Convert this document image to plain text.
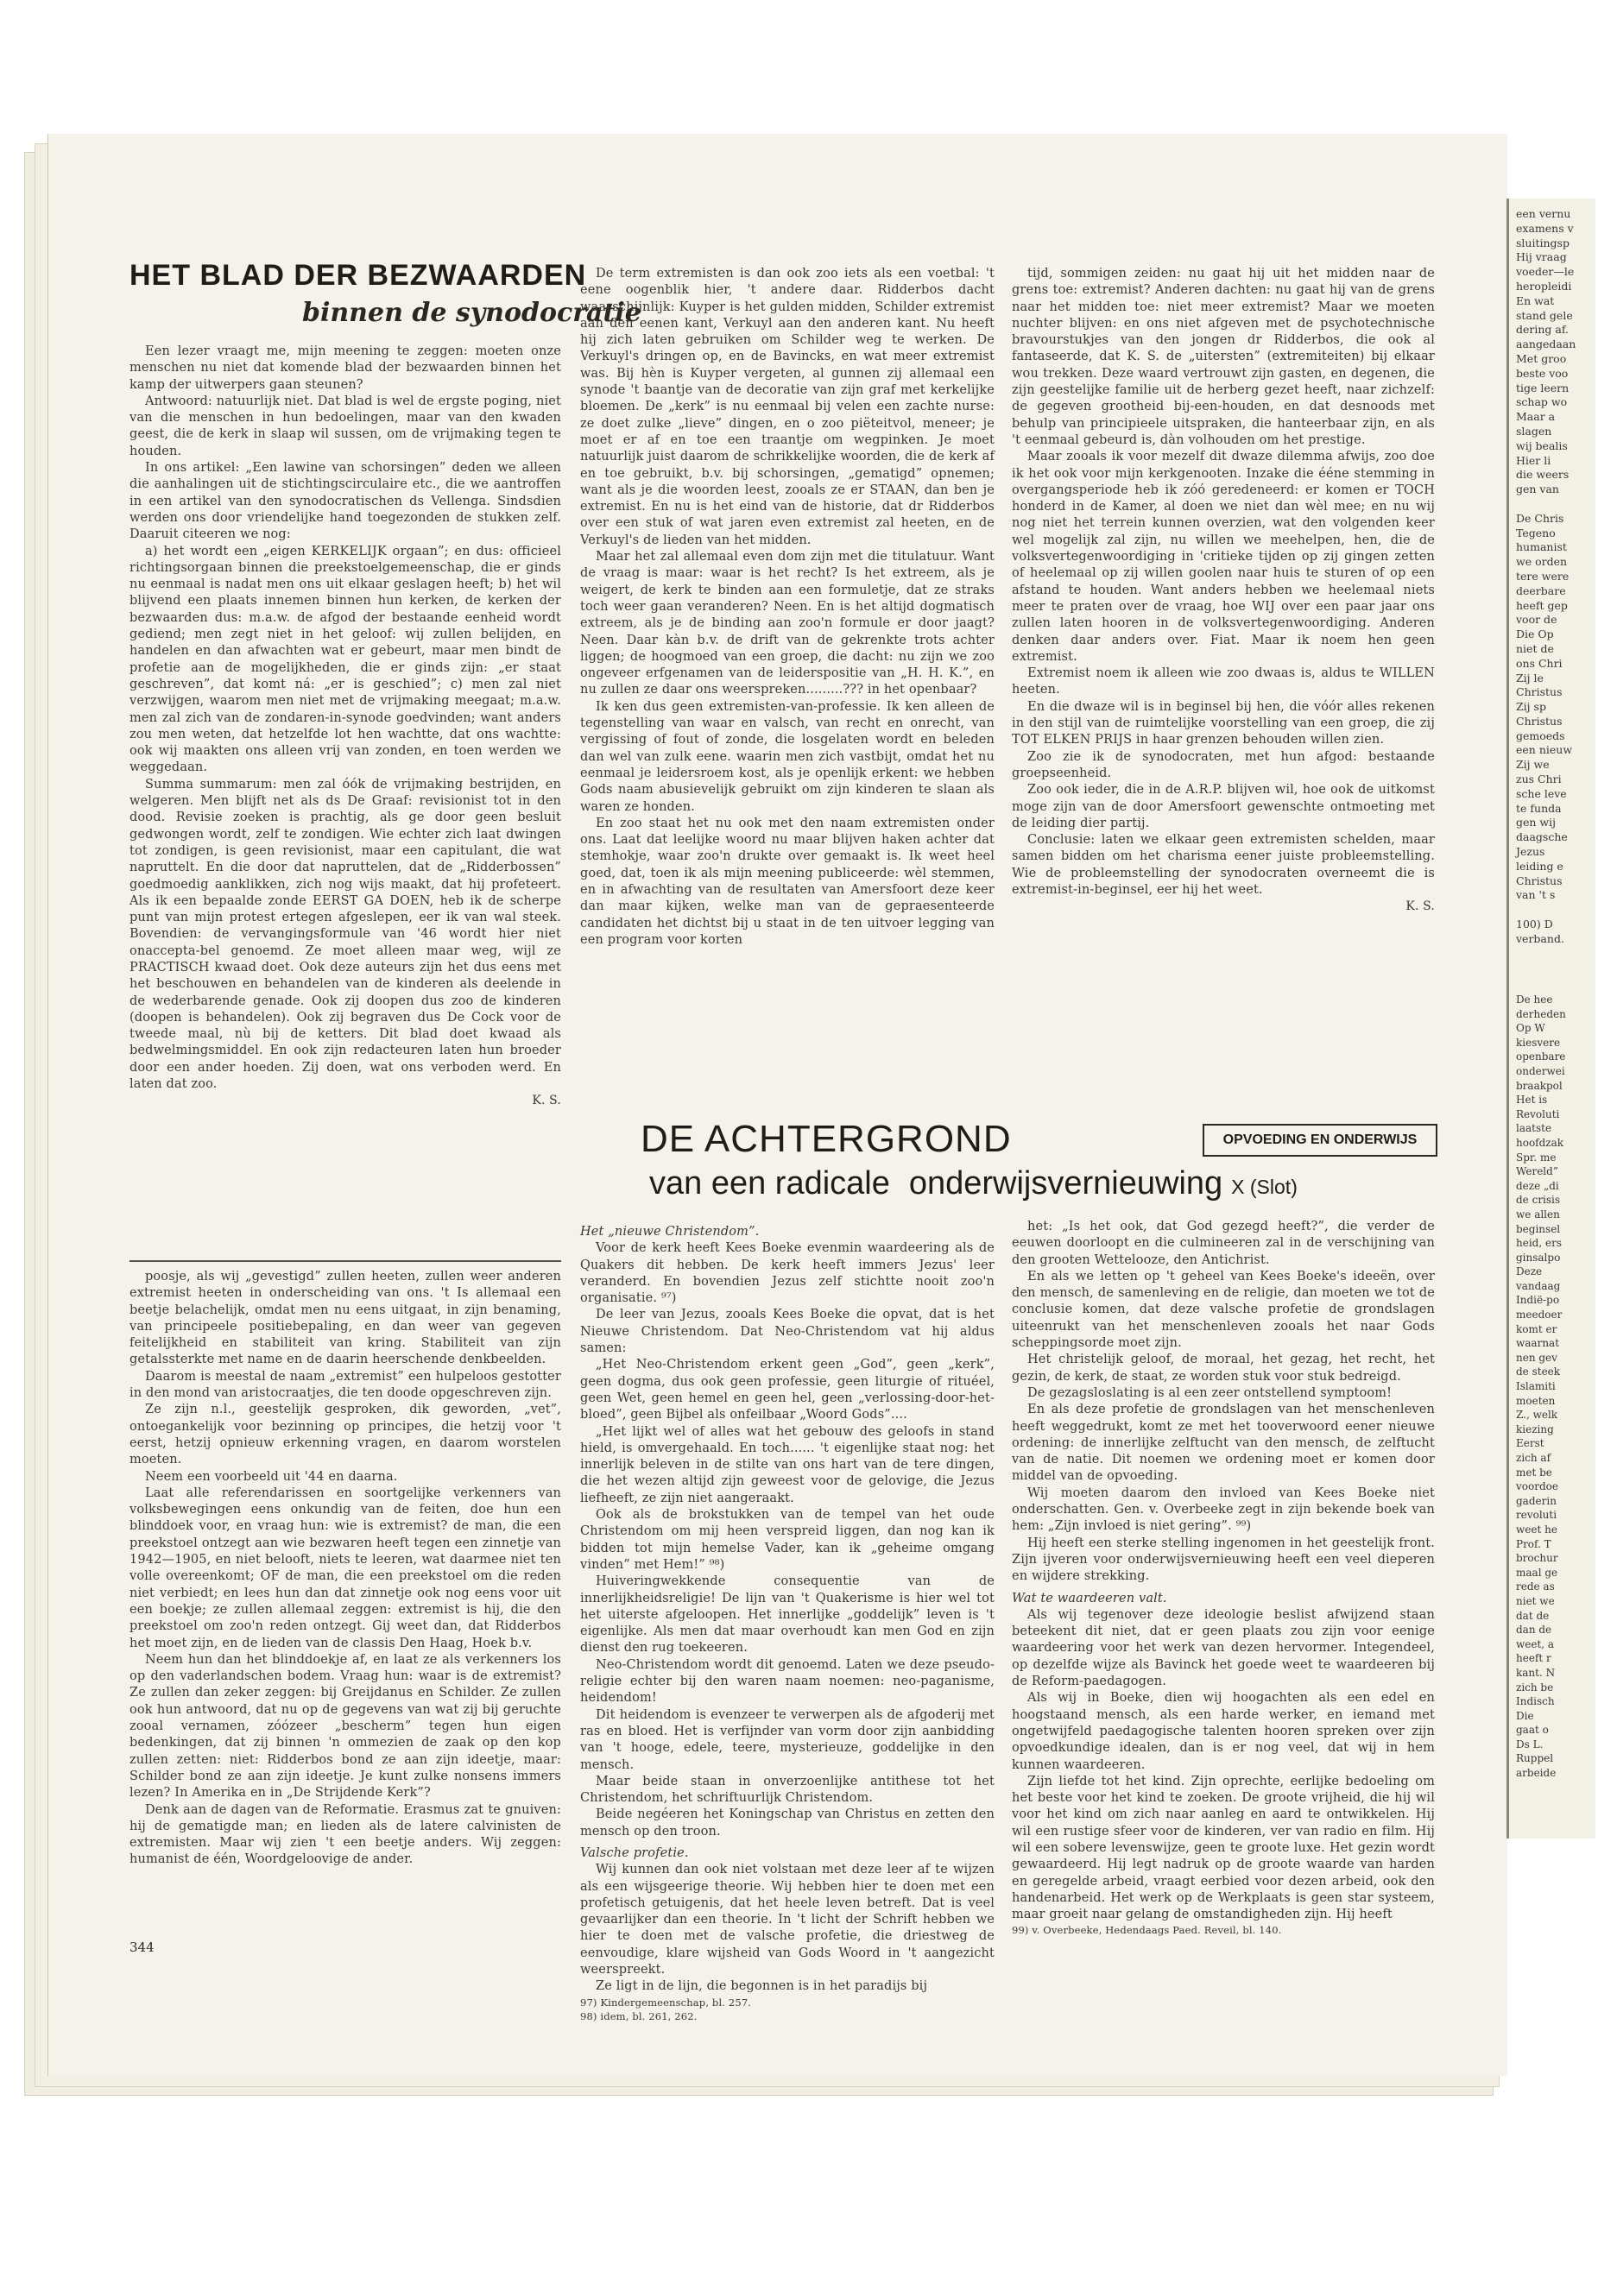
HET BLAD DER BEZWAARDEN
binnen de synodocratie

Een lezer vraagt me, mijn meening te zeggen: moeten onze menschen nu niet dat komende blad der bezwaarden binnen het kamp der uitwerpers gaan steunen?

Antwoord: natuurlijk niet. Dat blad is wel de ergste poging, niet van die menschen in hun bedoelingen, maar van den kwaden geest, die de kerk in slaap wil sussen, om de vrijmaking tegen te houden.

In ons artikel: „Een lawine van schorsingen” deden we alleen die aanhalingen uit de stichtingscirculaire etc., die we aantroffen in een artikel van den synodocratischen ds Vellenga. Sindsdien werden ons door vriendelijke hand toegezonden de stukken zelf. Daaruit citeeren we nog:

a) het wordt een „eigen KERKELIJK orgaan”; en dus: officieel richtingsorgaan binnen die preekstoelgemeenschap, die er ginds nu eenmaal is nadat men ons uit elkaar geslagen heeft; b) het wil blijvend een plaats innemen binnen hun kerken, de kerken der bezwaarden dus: m.a.w. de afgod der bestaande eenheid wordt gediend; men zegt niet in het geloof: wij zullen belijden, en handelen en dan afwachten wat er gebeurt, maar men bindt de profetie aan de mogelijkheden, die er ginds zijn: „er staat geschreven”, dat komt ná: „er is geschied”; c) men zal niet verzwijgen, waarom men niet met de vrijmaking meegaat; m.a.w. men zal zich van de zondaren-in-synode goedvinden; want anders zou men weten, dat hetzelfde lot hen wachtte, dat ons wachtte: ook wij maakten ons alleen vrij van zonden, en toen werden we weggedaan.

Summa summarum: men zal óók de vrijmaking bestrijden, en welgeren. Men blijft net als ds De Graaf: revisionist tot in den dood. Revisie zoeken is prachtig, als ge door geen besluit gedwongen wordt, zelf te zondigen. Wie echter zich laat dwingen tot zondigen, is geen revisionist, maar een capitulant, die wat napruttelt. En die door dat napruttelen, dat de „Ridderbossen” goedmoedig aanklikken, zich nog wijs maakt, dat hij profeteert. Als ik een bepaalde zonde EERST GA DOEN, heb ik de scherpe punt van mijn protest ertegen afgeslepen, eer ik van wal steek. Bovendien: de vervangingsformule van '46 wordt hier niet onaccepta-bel genoemd. Ze moet alleen maar weg, wijl ze PRACTISCH kwaad doet. Ook deze auteurs zijn het dus eens met het beschouwen en behandelen van de kinderen als deelende in de wederbarende genade. Ook zij doopen dus zoo de kinderen (doopen is behandelen). Ook zij begraven dus De Cock voor de tweede maal, nù bij de ketters. Dit blad doet kwaad als bedwelmingsmiddel. En ook zijn redacteuren laten hun broeder door een ander hoeden. Zij doen, wat ons verboden werd. En laten dat zoo.

K. S.

De term extremisten is dan ook zoo iets als een voetbal: 't eene oogenblik hier, 't andere daar. Ridderbos dacht waarschijnlijk: Kuyper is het gulden midden, Schilder extremist aan den eenen kant, Verkuyl aan den anderen kant. Nu heeft hij zich laten gebruiken om Schilder weg te werken. De Verkuyl's dringen op, en de Bavincks, en wat meer extremist was. Bij hèn is Kuyper vergeten, al gunnen zij allemaal een synode 't baantje van de decoratie van zijn graf met kerkelijke bloemen. De „kerk” is nu eenmaal bij velen een zachte nurse: ze doet zulke „lieve” dingen, en o zoo piëteitvol, meneer; je moet er af en toe een traantje om wegpinken. Je moet natuurlijk juist daarom de schrikkelijke woorden, die de kerk af en toe gebruikt, b.v. bij schorsingen, „gematigd” opnemen; want als je die woorden leest, zooals ze er STAAN, dan ben je extremist. En nu is het eind van de historie, dat dr Ridderbos over een stuk of wat jaren even extremist zal heeten, en de Verkuyl's de lieden van het midden.

Maar het zal allemaal even dom zijn met die titulatuur. Want de vraag is maar: waar is het recht? Is het extreem, als je weigert, de kerk te binden aan een formuletje, dat ze straks toch weer gaan veranderen? Neen. En is het altijd dogmatisch extreem, als je de binding aan zoo'n formule er door jaagt? Neen. Daar kàn b.v. de drift van de gekrenkte trots achter liggen; de hoogmoed van een groep, die dacht: nu zijn we zoo ongeveer erfgenamen van de leiderspositie van „H. H. K.”, en nu zullen ze daar ons weerspreken.........??? in het openbaar?

Ik ken dus geen extremisten-van-professie. Ik ken alleen de tegenstelling van waar en valsch, van recht en onrecht, van vergissing of fout of zonde, die losgelaten wordt en beleden dan wel van zulk eene. waarin men zich vastbijt, omdat het nu eenmaal je leidersroem kost, als je openlijk erkent: we hebben Gods naam abusievelijk gebruikt om zijn kinderen te slaan als waren ze honden.

En zoo staat het nu ook met den naam extremisten onder ons. Laat dat leelijke woord nu maar blijven haken achter dat stemhokje, waar zoo'n drukte over gemaakt is. Ik weet heel goed, dat, toen ik als mijn meening publiceerde: wèl stemmen, en in afwachting van de resultaten van Amersfoort deze keer dan maar kijken, welke man van de gepraesenteerde candidaten het dichtst bij u staat in de ten uitvoer legging van een program voor korten

tijd, sommigen zeiden: nu gaat hij uit het midden naar de grens toe: extremist? Anderen dachten: nu gaat hij van de grens naar het midden toe: niet meer extremist? Maar we moeten nuchter blijven: en ons niet afgeven met de psychotechnische bravourstukjes van den jongen dr Ridderbos, die ook al fantaseerde, dat K. S. de „uitersten” (extremiteiten) bij elkaar wou trekken. Deze waard vertrouwt zijn gasten, en degenen, die zijn geestelijke familie uit de herberg gezet heeft, naar zichzelf: de gegeven grootheid bij-een-houden, en dat desnoods met behulp van principieele uitspraken, die hanteerbaar zijn, en als 't eenmaal gebeurd is, dàn volhouden om het prestige.

Maar zooals ik voor mezelf dit dwaze dilemma afwijs, zoo doe ik het ook voor mijn kerkgenooten. Inzake die ééne stemming in overgangsperiode heb ik zóó geredeneerd: er komen er TOCH honderd in de Kamer, al doen we niet dan wèl mee; en nu wij nog niet het terrein kunnen overzien, wat den volgenden keer wel mogelijk zal zijn, nu willen we meehelpen, hen, die de volksvertegenwoordiging in 'critieke tijden op zij gingen zetten of heelemaal op zij willen goolen naar huis te sturen of op een afstand te houden. Want anders hebben we heelemaal niets meer te praten over de vraag, hoe WIJ over een paar jaar ons zullen laten hooren in de volksvertegenwoordiging. Anderen denken daar anders over. Fiat. Maar ik noem hen geen extremist.

Extremist noem ik alleen wie zoo dwaas is, aldus te WILLEN heeten.

En die dwaze wil is in beginsel bij hen, die vóór alles rekenen in den stijl van de ruimtelijke voorstelling van een groep, die zij TOT ELKEN PRIJS in haar grenzen behouden willen zien.

Zoo zie ik de synodocraten, met hun afgod: bestaande groepseenheid.

Zoo ook ieder, die in de A.R.P. blijven wil, hoe ook de uitkomst moge zijn van de door Amersfoort gewenschte ontmoeting met de leiding dier partij.

Conclusie: laten we elkaar geen extremisten schelden, maar samen bidden om het charisma eener juiste probleemstelling. Wie de probleemstelling der synodocraten overneemt die is extremist-in-beginsel, eer hij het weet.

K. S.

poosje, als wij „gevestigd” zullen heeten, zullen weer anderen extremist heeten in onderscheiding van ons. 't Is allemaal een beetje belachelijk, omdat men nu eens uitgaat, in zijn benaming, van principeele positiebepaling, en dan weer van gegeven feitelijkheid en stabiliteit van kring. Stabiliteit van zijn getalssterkte met name en de daarin heerschende denkbeelden.

Daarom is meestal de naam „extremist” een hulpeloos gestotter in den mond van aristocraatjes, die ten doode opgeschreven zijn.

Ze zijn n.l., geestelijk gesproken, dik geworden, „vet”, ontoegankelijk voor bezinning op principes, die hetzij voor 't eerst, hetzij opnieuw erkenning vragen, en daarom worstelen moeten.

Neem een voorbeeld uit '44 en daarna.

Laat alle referendarissen en soortgelijke verkenners van volksbewegingen eens onkundig van de feiten, doe hun een blinddoek voor, en vraag hun: wie is extremist? de man, die een preekstoel ontzegt aan wie bezwaren heeft tegen een zinnetje van 1942—1905, en niet belooft, niets te leeren, wat daarmee niet ten volle overeenkomt; OF de man, die een preekstoel om die reden niet verbiedt; en lees hun dan dat zinnetje ook nog eens voor uit een boekje; ze zullen allemaal zeggen: extremist is hij, die den preekstoel om zoo'n reden ontzegt. Gij weet dan, dat Ridderbos het moet zijn, en de lieden van de classis Den Haag, Hoek b.v.

Neem hun dan het blinddoekje af, en laat ze als verkenners los op den vaderlandschen bodem. Vraag hun: waar is de extremist? Ze zullen dan zeker zeggen: bij Greijdanus en Schilder. Ze zullen ook hun antwoord, dat nu op de gegevens van wat zij bij geruchte zooal vernamen, zóózeer „bescherm” tegen hun eigen bedenkingen, dat zij binnen 'n ommezien de zaak op den kop zullen zetten: niet: Ridderbos bond ze aan zijn ideetje, maar: Schilder bond ze aan zijn ideetje. Je kunt zulke nonsens immers lezen? In Amerika en in „De Strijdende Kerk”?

Denk aan de dagen van de Reformatie. Erasmus zat te gnuiven: hij de gematigde man; en lieden als de latere calvinisten de extremisten. Maar wij zien 't een beetje anders. Wij zeggen: humanist de één, Woordgeloovige de ander.

344
DE ACHTERGROND
van een radicale onderwijsvernieuwing X (Slot)
OPVOEDING EN ONDERWIJS

Het „nieuwe Christendom”.

Voor de kerk heeft Kees Boeke evenmin waardeering als de Quakers dit hebben. De kerk heeft immers Jezus' leer veranderd. En bovendien Jezus zelf stichtte nooit zoo'n organisatie. ⁹⁷)

De leer van Jezus, zooals Kees Boeke die opvat, dat is het Nieuwe Christendom. Dat Neo-Christendom vat hij aldus samen:

„Het Neo-Christendom erkent geen „God”, geen „kerk”, geen dogma, dus ook geen professie, geen liturgie of rituéel, geen Wet, geen hemel en geen hel, geen „verlossing-door-het-bloed”, geen Bijbel als onfeilbaar „Woord Gods”....

„Het lijkt wel of alles wat het gebouw des geloofs in stand hield, is omvergehaald. En toch...... 't eigenlijke staat nog: het innerlijk beleven in de stilte van ons hart van de tere dingen, die het wezen altijd zijn geweest voor de gelovige, die Jezus liefheeft, ze zijn niet aangeraakt.

Ook als de brokstukken van de tempel van het oude Christendom om mij heen verspreid liggen, dan nog kan ik bidden tot mijn hemelse Vader, kan ik „geheime omgang vinden” met Hem!” ⁹⁸)

Huiveringwekkende consequentie van de innerlijkheidsreligie! De lijn van 't Quakerisme is hier wel tot het uiterste afgeloopen. Het innerlijke „goddelijk” leven is 't eigenlijke. Als men dat maar overhoudt kan men God en zijn dienst den rug toekeeren.

Neo-Christendom wordt dit genoemd. Laten we deze pseudo-religie echter bij den waren naam noemen: neo-paganisme, heidendom!

Dit heidendom is evenzeer te verwerpen als de afgoderij met ras en bloed. Het is verfijnder van vorm door zijn aanbidding van 't hooge, edele, teere, mysterieuze, goddelijke in den mensch.

Maar beide staan in onverzoenlijke antithese tot het Christendom, het schriftuurlijk Christendom.

Beide negéeren het Koningschap van Christus en zetten den mensch op den troon.

Valsche profetie.

Wij kunnen dan ook niet volstaan met deze leer af te wijzen als een wijsgeerige theorie. Wij hebben hier te doen met een profetisch getuigenis, dat het heele leven betreft. Dat is veel gevaarlijker dan een theorie. In 't licht der Schrift hebben we hier te doen met de valsche profetie, die driestweg de eenvoudige, klare wijsheid van Gods Woord in 't aangezicht weerspreekt.

Ze ligt in de lijn, die begonnen is in het paradijs bij

97) Kindergemeenschap, bl. 257.

98) idem, bl. 261, 262.

het: „Is het ook, dat God gezegd heeft?”, die verder de eeuwen doorloopt en die culmineeren zal in de verschijning van den grooten Wetteloozе, den Antichrist.

En als we letten op 't geheel van Kees Boeke's ideeën, over den mensch, de samenleving en de religie, dan moeten we tot de conclusie komen, dat deze valsche profetie de grondslagen uiteenrukt van het menschenleven zooals het naar Gods scheppingsorde moet zijn.

Het christelijk geloof, de moraal, het gezag, het recht, het gezin, de kerk, de staat, ze worden stuk voor stuk bedreigd.

De gezagsloslating is al een zeer ontstellend symptoom!

En als deze profetie de grondslagen van het menschenleven heeft weggedrukt, komt ze met het tooverwoord eener nieuwe ordening: de innerlijke zelftucht van den mensch, de zelftucht van de natie. Dit noemen we ordening moet er komen door middel van de opvoeding.

Wij moeten daarom den invloed van Kees Boeke niet onderschatten. Gen. v. Overbeeke zegt in zijn bekende boek van hem: „Zijn invloed is niet gering”. ⁹⁹)

Hij heeft een sterke stelling ingenomen in het geestelijk front. Zijn ijveren voor onderwijsvernieuwing heeft een veel dieperen en wijdere strekking.

Wat te waardeeren valt.

Als wij tegenover deze ideologie beslist afwijzend staan beteekent dit niet, dat er geen plaats zou zijn voor eenige waardeering voor het werk van dezen hervormer. Integendeel, op dezelfde wijze als Bavinck het goede weet te waardeeren bij de Reform-paedagogen.

Als wij in Boeke, dien wij hoogachten als een edel en hoogstaand mensch, als een harde werker, en iemand met ongetwijfeld paedagogische talenten hooren spreken over zijn opvoedkundige idealen, dan is er nog veel, dat wij in hem kunnen waardeeren.

Zijn liefde tot het kind. Zijn oprechte, eerlijke bedoeling om het beste voor het kind te zoeken. De groote vrijheid, die hij wil voor het kind om zich naar aanleg en aard te ontwikkelen. Hij wil een rustige sfeer voor de kinderen, ver van radio en film. Hij wil een sobere levenswijze, geen te groote luxe. Het gezin wordt gewaardeerd. Hij legt nadruk op de groote waarde van harden en geregelde arbeid, vraagt eerbied voor dezen arbeid, ook den handenarbeid. Het werk op de Werkplaats is geen star systeem, maar groeit naar gelang de omstandigheden zijn. Hij heeft

99) v. Overbeeke, Hedendaags Paed. Reveil, bl. 140.

een vernu
examens v
sluitingsp
Hij vraag
voeder—le
heropleidi
En wat
stand gele
dering af.
aangedaan
Met groo
beste voo
tige leern
schap wo
Maar a
slagen
wij bealis
Hier li
die weers
gen van
De Chris
Tegeno
humanist
we orden
tere were
deerbare
heeft gep
voor de
Die Op
niet de
ons Chri
Zij le
Christus
Zij sp
Christus
gemoeds
een nieuw
Zij we
zus Chri
sche leve
te funda
gen wij
daagsche
Jezus
leiding e
Christus
van 't s
100) D
verband.
De hee
derheden
Op W
kiesvere
openbare
onderwei
braakpol
Het is
Revoluti
laatste
hoofdzak
Spr. me
Wereld”
deze „di
de crisis
we allen
beginsel
heid, ers
ginsalpo
Deze
vandaag
Indië-po
meedoer
komt er
waarnat
nen gev
de steek
Islamiti
moeten
Z., welk
kiezing
Eerst
zich af
met be
voordoe
gaderin
revoluti
weet he
Prof. T
brochur
maal ge
rede as
niet we
dat de
dan de
weet, a
heeft r
kant. N
zich be
Indisch
Die
gaat o
Ds L.
Ruppel
arbeide
